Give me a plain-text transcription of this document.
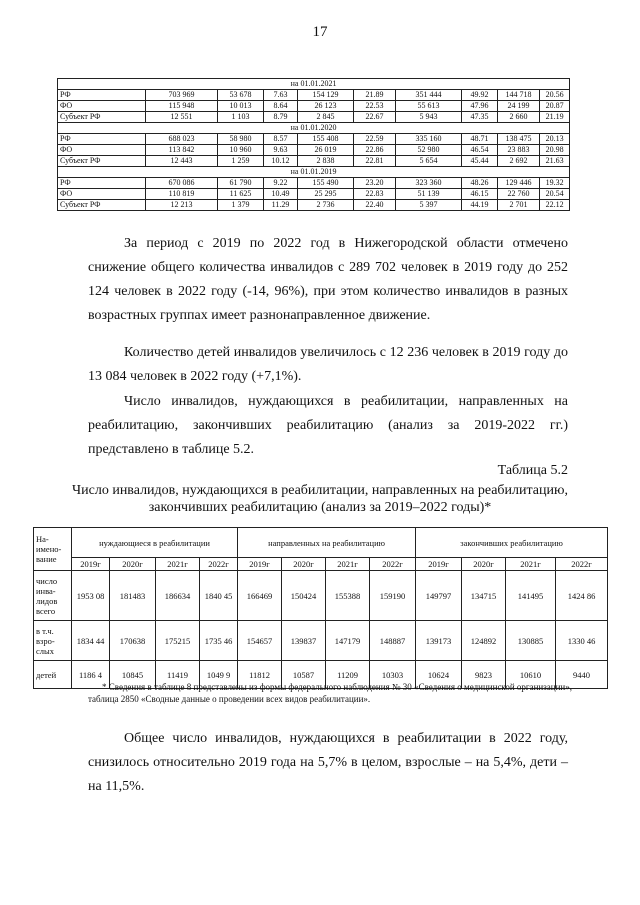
17
на 01.01.2021									
РФ	703 969	53 678	7.63	154 129	21.89	351 444	49.92	144 718	20.56
ФО	115 948	10 013	8.64	26 123	22.53	55 613	47.96	24 199	20.87
Субъект РФ	12 551	1 103	8.79	2 845	22.67	5 943	47.35	2 660	21.19
на 01.01.2020									
РФ	688 023	58 980	8.57	155 408	22.59	335 160	48.71	138 475	20.13
ФО	113 842	10 960	9.63	26 019	22.86	52 980	46.54	23 883	20.98
Субъект РФ	12 443	1 259	10.12	2 838	22.81	5 654	45.44	2 692	21.63
на 01.01.2019									
РФ	670 086	61 790	9.22	155 490	23.20	323 360	48.26	129 446	19.32
ФО	110 819	11 625	10.49	25 295	22.83	51 139	46.15	22 760	20.54
Субъект РФ	12 213	1 379	11.29	2 736	22.40	5 397	44.19	2 701	22.12

За период с 2019 по 2022 год в Нижегородской области отмечено снижение общего количества инвалидов с 289 702 человек в 2019 году до 252 124 человек в 2022 году (-14, 96%), при этом количество инвалидов в разных возрастных группах имеет разнонаправленное движение.

Количество детей инвалидов увеличилось с 12 236 человек в 2019 году до 13 084 человек в 2022 году (+7,1%).

Число инвалидов, нуждающихся в реабилитации, направленных на реабилитацию, закончивших реабилитацию (анализ за 2019-2022 гг.) представлено в таблице 5.2.

Таблица 5.2
Число инвалидов, нуждающихся в реабилитации, направленных на реабилитацию, закончивших реабилитацию (анализ за 2019–2022 годы)*
На-имено-вание	нуждающиеся в реабилитации				направленных на реабилитацию				закончивших реабилитацию			
	2019г	2020г	2021г	2022г	2019г	2020г	2021г	2022г	2019г	2020г	2021г	2022г
число инва-лидов всего	1953 08	181483	186634	1840 45	166469	150424	155388	159190	149797	134715	141495	1424 86
в т.ч. взро-слых	1834 44	170638	175215	1735 46	154657	139837	147179	148887	139173	124892	130885	1330 46
детей	1186 4	10845	11419	1049 9	11812	10587	11209	10303	10624	9823	10610	9440
* Сведения в таблице 8 представлены из формы федерального наблюдения № 30 «Сведения о медицинской организации», таблица 2850 «Сводные данные о проведении всех видов реабилитации».

Общее число инвалидов, нуждающихся в реабилитации в 2022 году, снизилось относительно 2019 года на 5,7% в целом, взрослые – на 5,4%, дети – на 11,5%.
